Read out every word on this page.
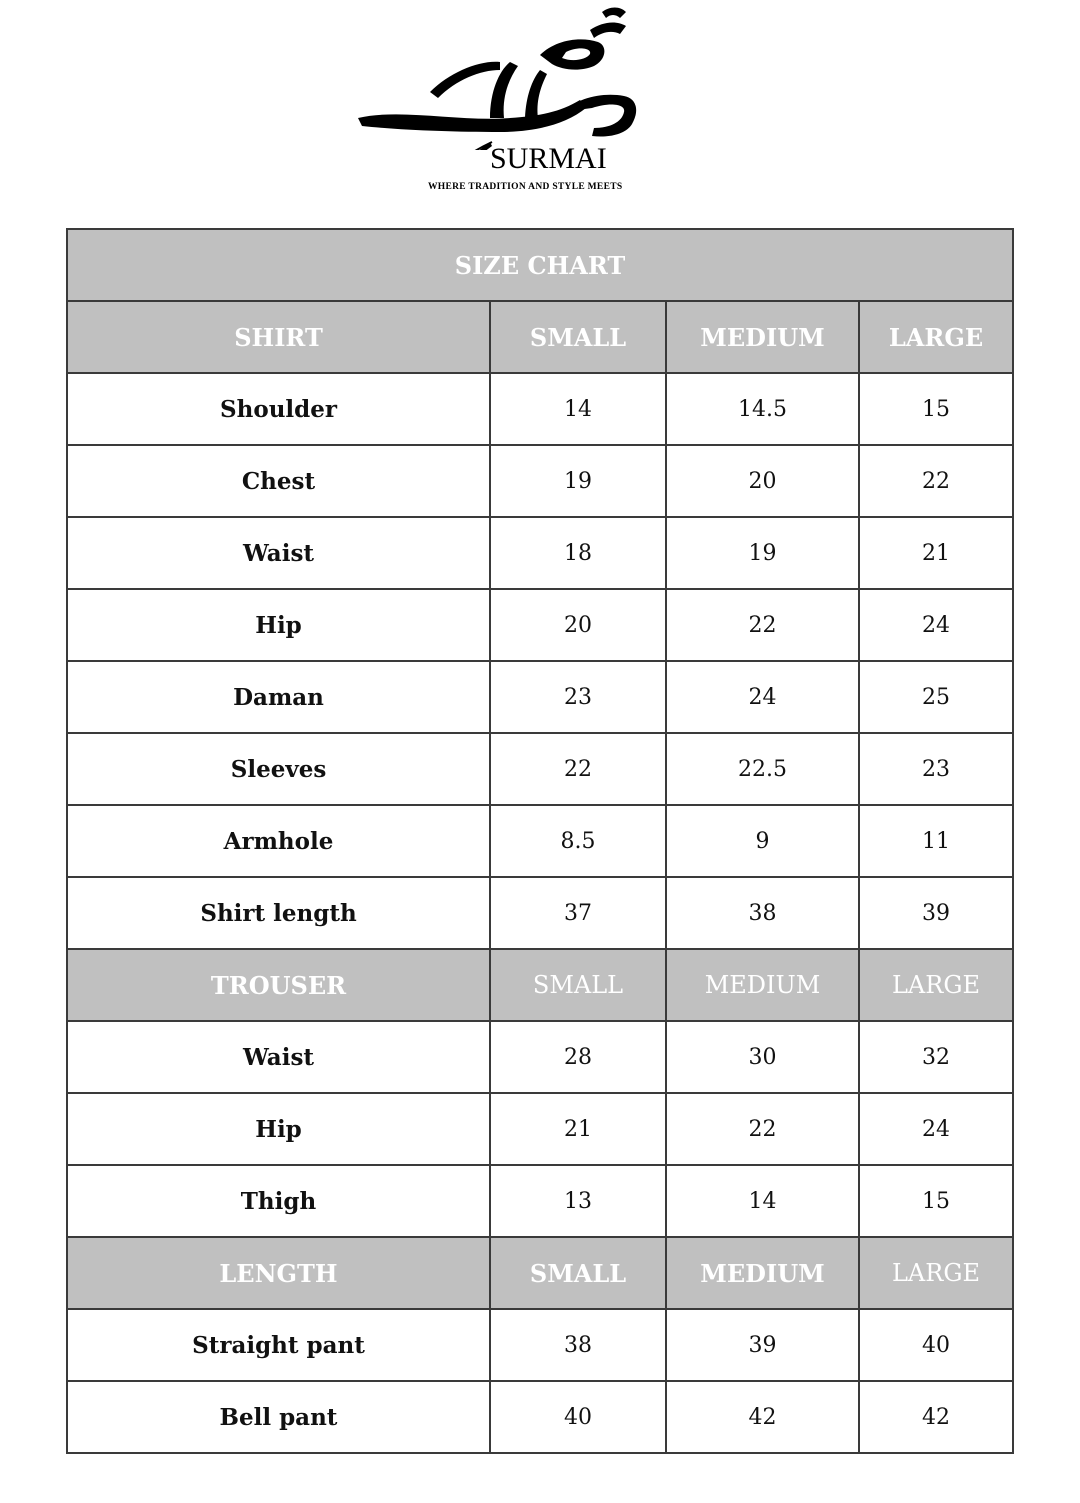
SURMAI
WHERE TRADITION AND STYLE MEETS
SIZE CHART			
SHIRT	SMALL	MEDIUM	LARGE
Shoulder	14	14.5	15
Chest	19	20	22
Waist	18	19	21
Hip	20	22	24
Daman	23	24	25
Sleeves	22	22.5	23
Armhole	8.5	9	11
Shirt length	37	38	39
TROUSER	SMALL	MEDIUM	LARGE
Waist	28	30	32
Hip	21	22	24
Thigh	13	14	15
LENGTH	SMALL	MEDIUM	LARGE
Straight pant	38	39	40
Bell pant	40	42	42
